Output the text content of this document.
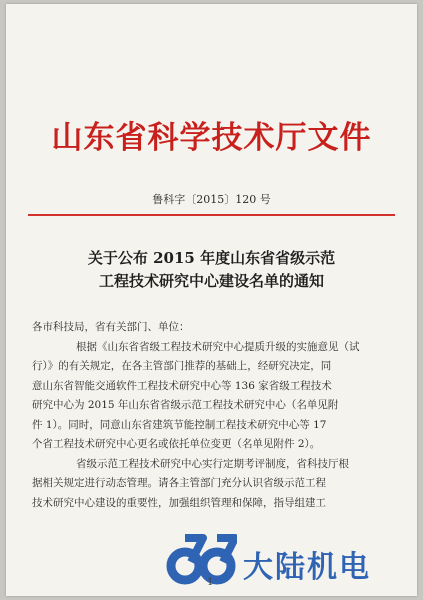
山东省科学技术厅文件
鲁科字〔2015〕120 号
关于公布 2015 年度山东省省级示范
工程技术研究中心建设名单的通知
各市科技局，省有关部门、单位：
根据《山东省省级工程技术研究中心提质升级的实施意见（试
行）》的有关规定，在各主管部门推荐的基础上，经研究决定，同
意山东省智能交通软件工程技术研究中心等 136 家省级工程技术
研究中心为 2015 年山东省省级示范工程技术研究中心（名单见附
件 1）。同时，同意山东省建筑节能控制工程技术研究中心等 17
个省工程技术研究中心更名或依托单位变更（名单见附件 2）。
省级示范工程技术研究中心实行定期考评制度，省科技厅根
据相关规定进行动态管理。请各主管部门充分认识省级示范工程
技术研究中心建设的重要性，加强组织管理和保障，指导组建工
大陆机电
1
